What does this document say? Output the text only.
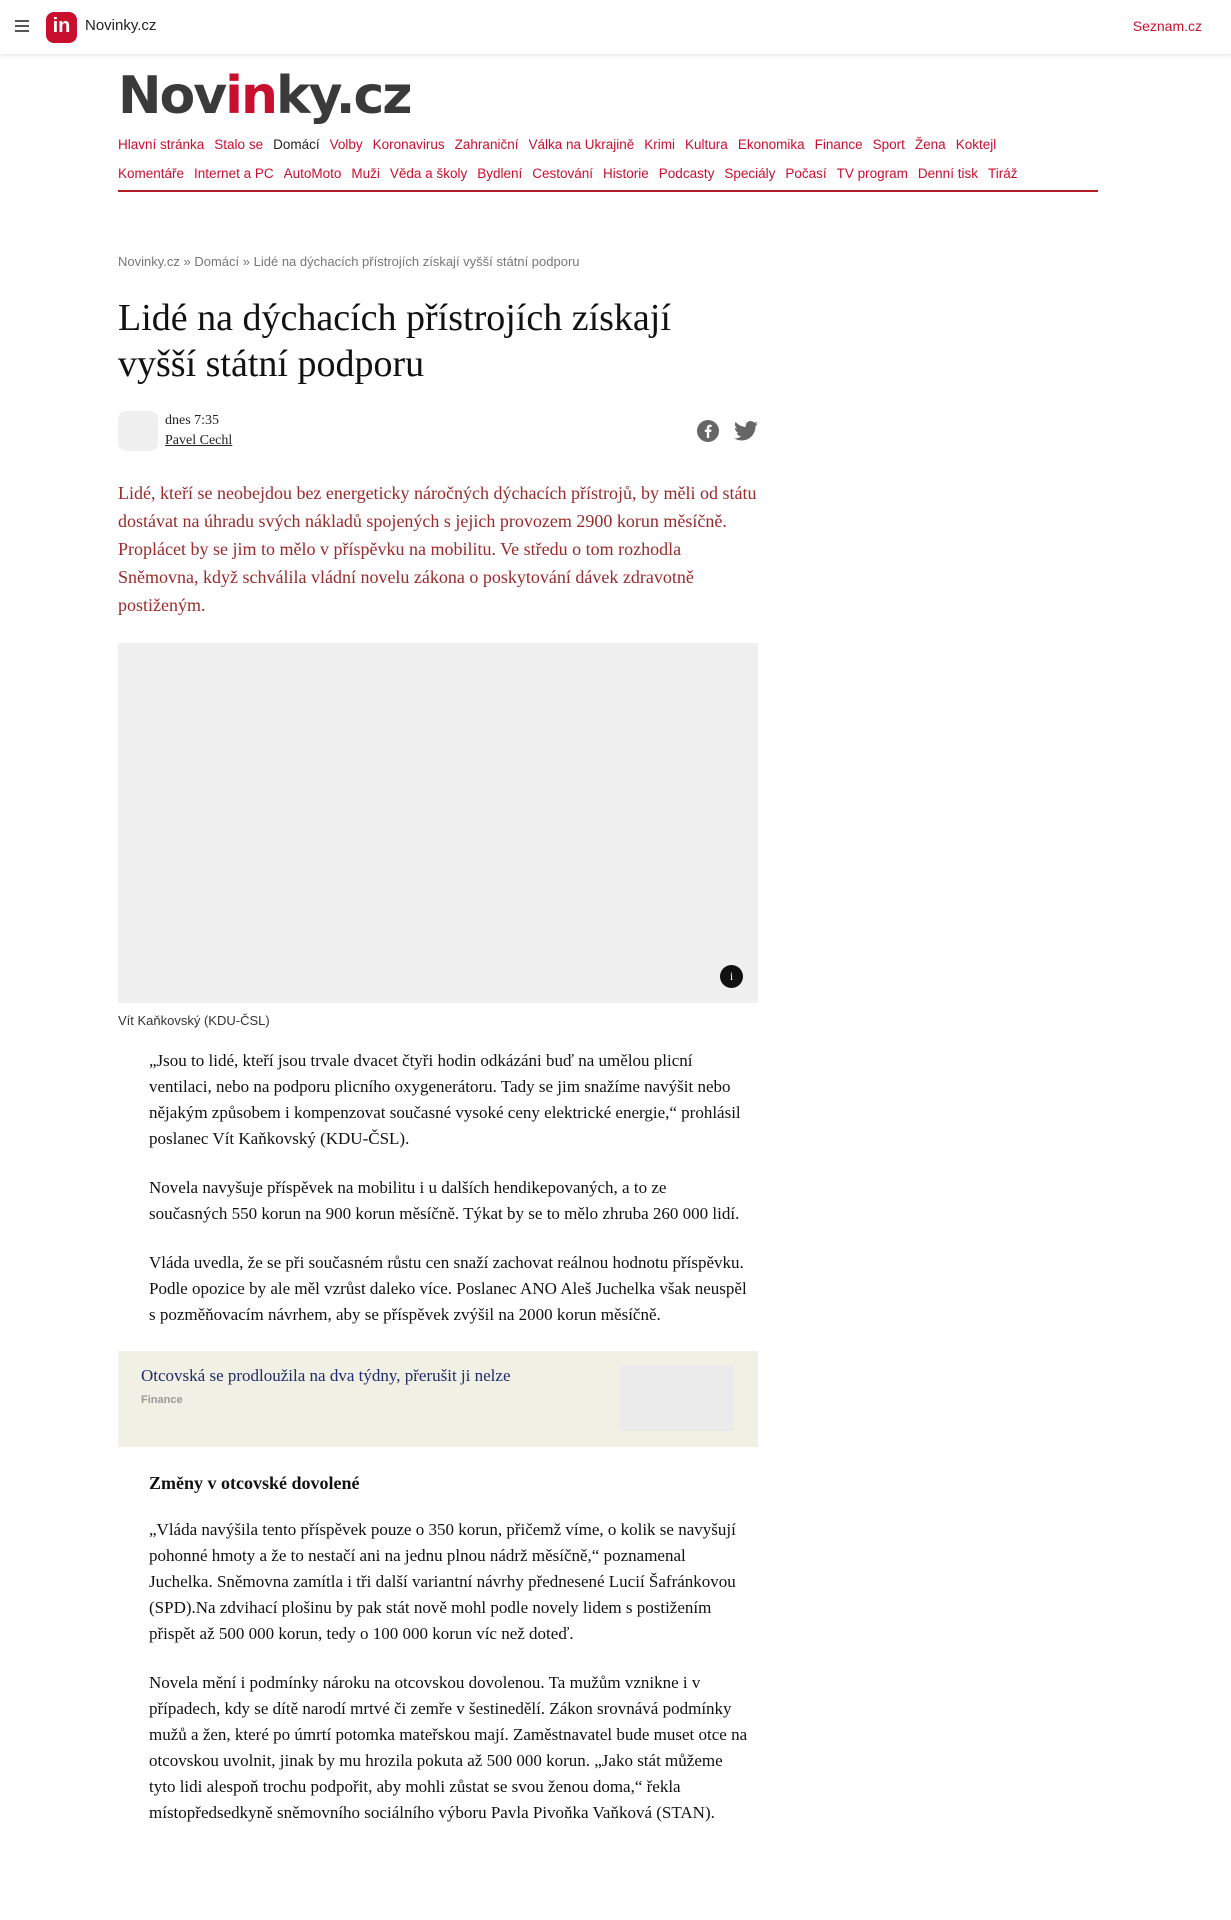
in Novinky.cz	Seznam.cz
Novinky.cz
Hlavní stránka Stalo se Domácí Volby Koronavirus Zahraniční Válka na Ukrajině Krimi Kultura Ekonomika Finance Sport Žena Koktejl
Komentáře Internet a PC AutoMoto Muži Věda a školy Bydlení Cestování Historie Podcasty Speciály Počasí TV program Denní tisk Tiráž
Novinky.cz » Domácí » Lidé na dýchacích přístrojích získají vyšší státní podporu
Lidé na dýchacích přístrojích získají vyšší státní podporu
dnes 7:35
Pavel Cechl
Lidé, kteří se neobejdou bez energeticky náročných dýchacích přístrojů, by měli od státu dostávat na úhradu svých nákladů spojených s jejich provozem 2900 korun měsíčně. Proplácet by se jim to mělo v příspěvku na mobilitu. Ve středu o tom rozhodla Sněmovna, když schválila vládní novelu zákona o poskytování dávek zdravotně postiženým.
i
Vít Kaňkovský (KDU-ČSL)

„Jsou to lidé, kteří jsou trvale dvacet čtyři hodin odkázáni buď na umělou plicní ventilaci, nebo na podporu plicního oxygenerátoru. Tady se jim snažíme navýšit nebo nějakým způsobem i kompenzovat současné vysoké ceny elektrické energie,“ prohlásil poslanec Vít Kaňkovský (KDU-ČSL).

Novela navyšuje příspěvek na mobilitu i u dalších hendikepovaných, a to ze současných 550 korun na 900 korun měsíčně. Týkat by se to mělo zhruba 260 000 lidí.

Vláda uvedla, že se při současném růstu cen snaží zachovat reálnou hodnotu příspěvku. Podle opozice by ale měl vzrůst daleko více. Poslanec ANO Aleš Juchelka však neuspěl s pozměňovacím návrhem, aby se příspěvek zvýšil na 2000 korun měsíčně.

Otcovská se prodloužila na dva týdny, přerušit ji nelze
Finance
Změny v otcovské dovolené

„Vláda navýšila tento příspěvek pouze o 350 korun, přičemž víme, o kolik se navyšují pohonné hmoty a že to nestačí ani na jednu plnou nádrž měsíčně,“ poznamenal Juchelka. Sněmovna zamítla i tři další variantní návrhy přednesené Lucií Šafránkovou (SPD).Na zdvihací plošinu by pak stát nově mohl podle novely lidem s postižením přispět až 500 000 korun, tedy o 100 000 korun víc než doteď.

Novela mění i podmínky nároku na otcovskou dovolenou. Ta mužům vznikne i v případech, kdy se dítě narodí mrtvé či zemře v šestinedělí. Zákon srovnává podmínky mužů a žen, které po úmrtí potomka mateřskou mají. Zaměstnavatel bude muset otce na otcovskou uvolnit, jinak by mu hrozila pokuta až 500 000 korun. „Jako stát můžeme tyto lidi alespoň trochu podpořit, aby mohli zůstat se svou ženou doma,“ řekla místopředsedkyně sněmovního sociálního výboru Pavla Pivoňka Vaňková (STAN).
